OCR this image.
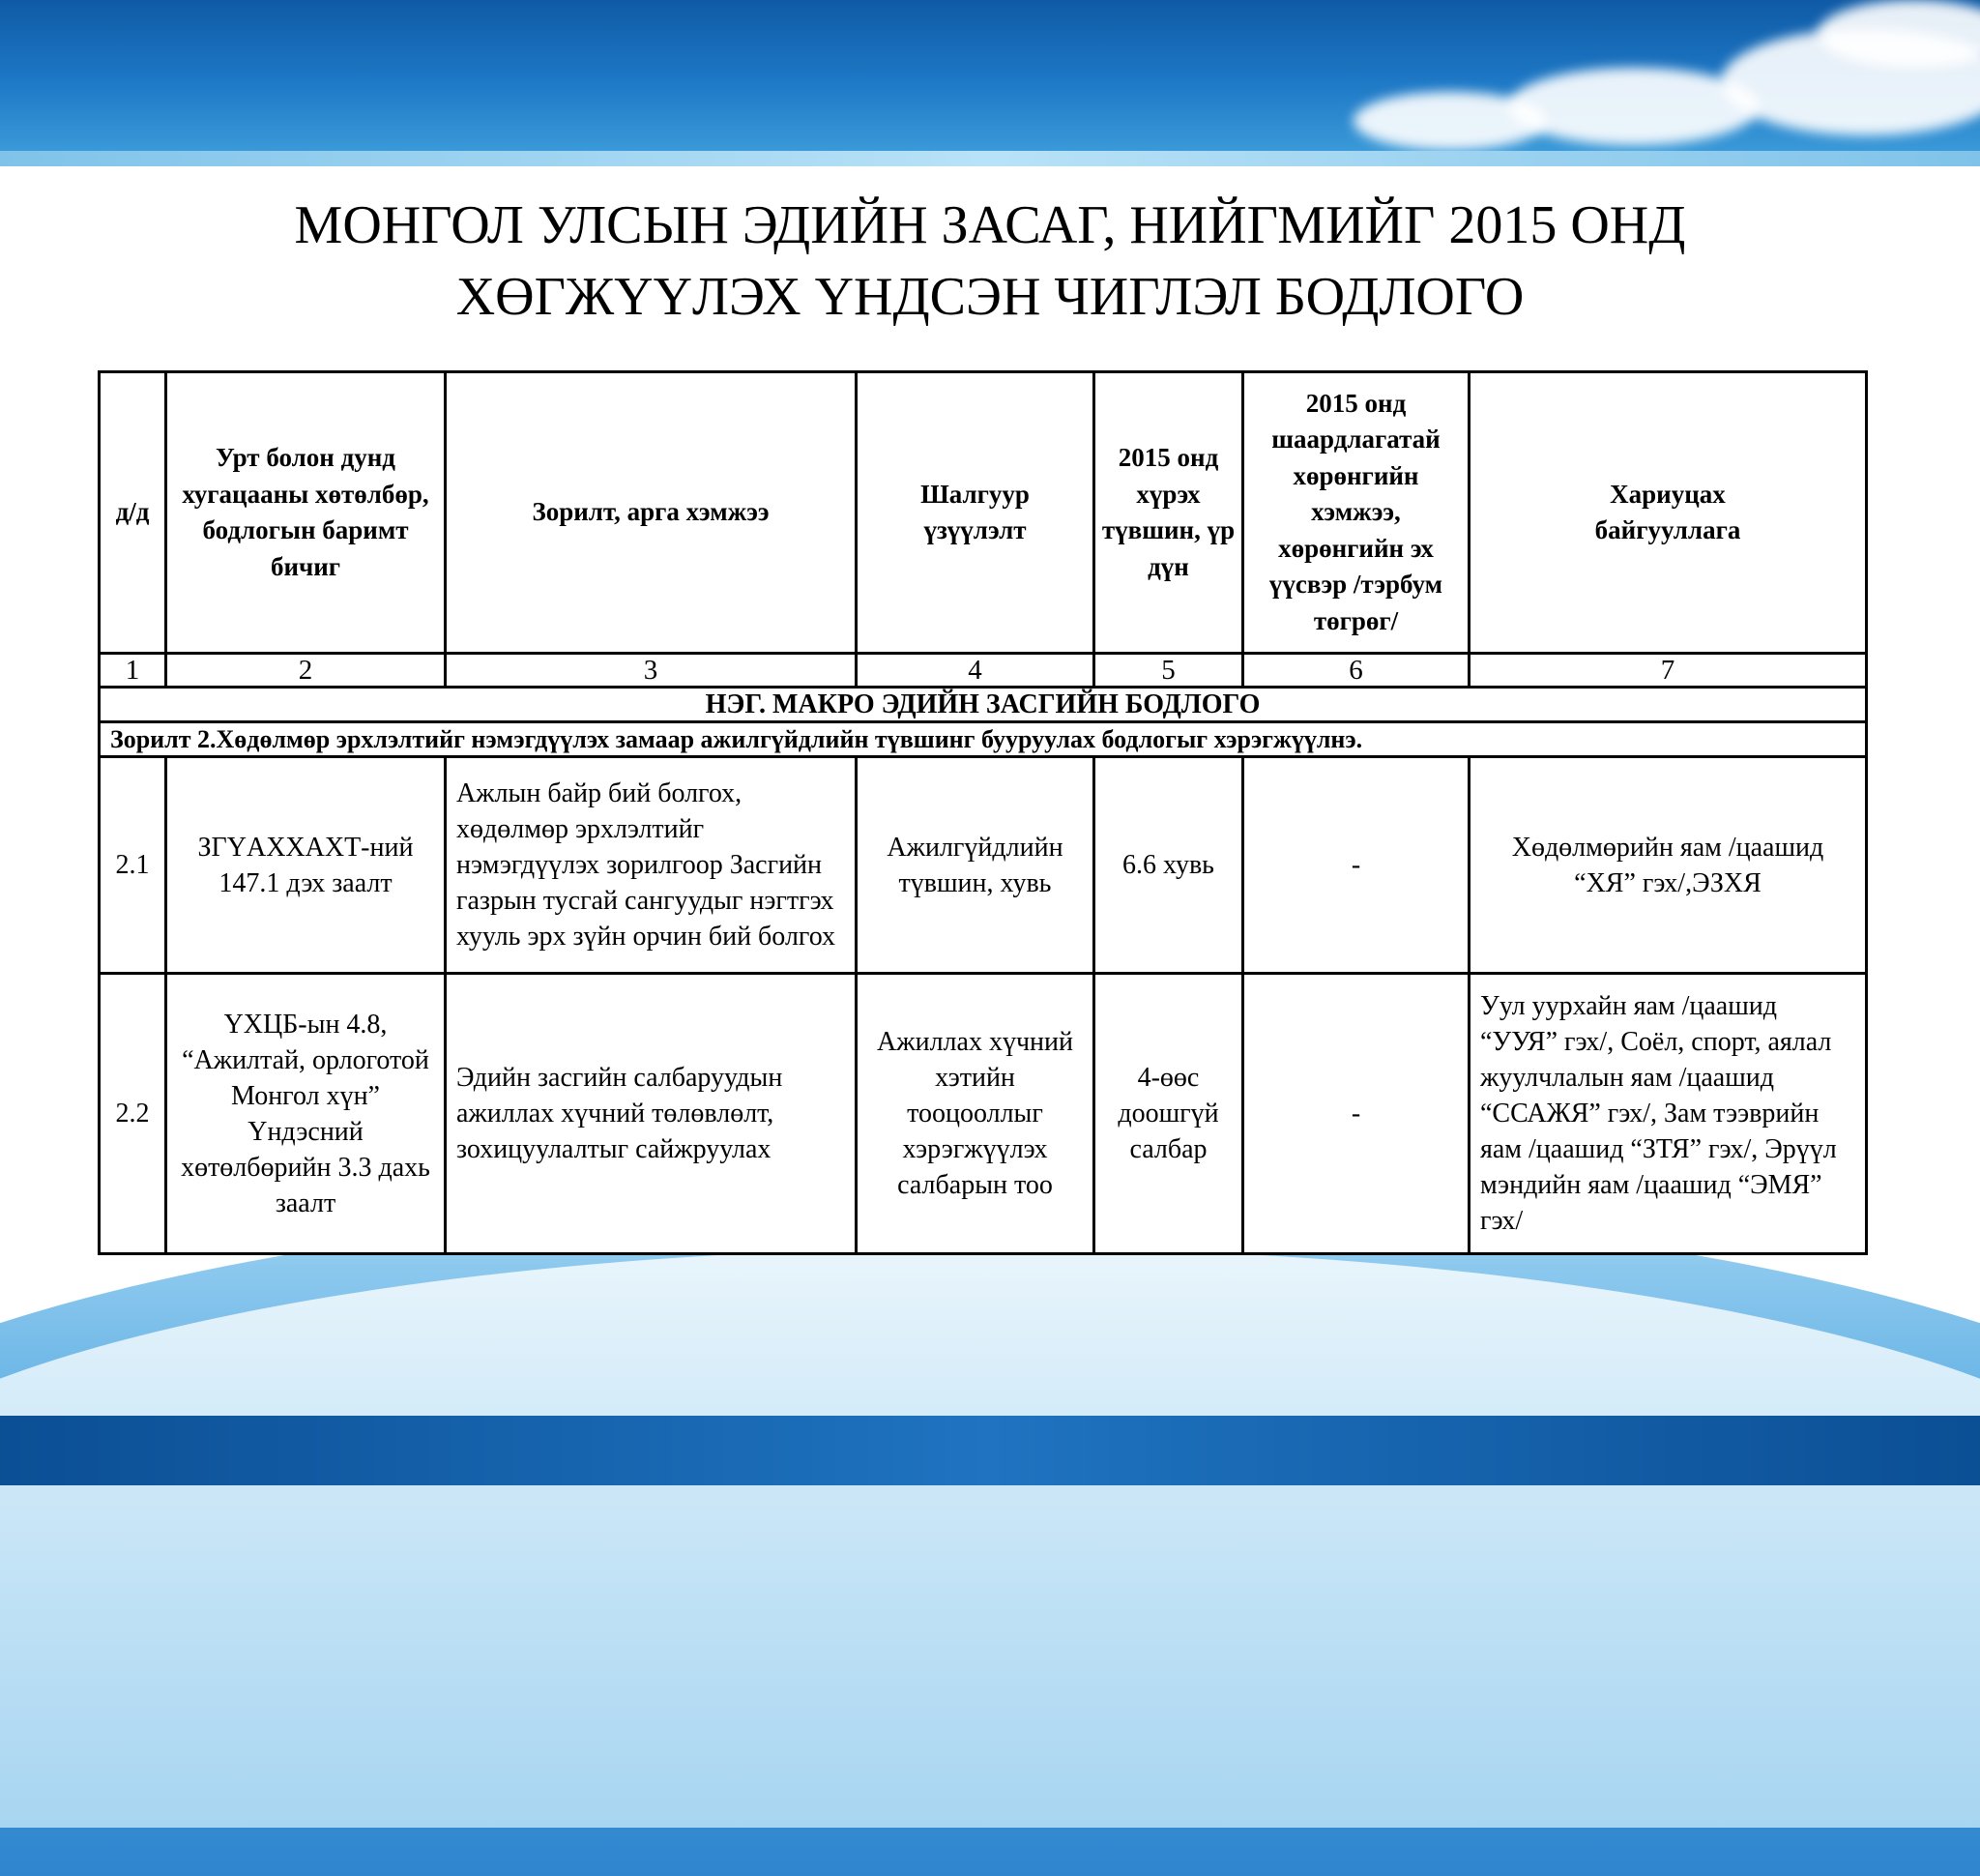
МОНГОЛ УЛСЫН ЭДИЙН ЗАСАГ, НИЙГМИЙГ 2015 ОНД
ХӨГЖҮҮЛЭХ ҮНДСЭН ЧИГЛЭЛ БОДЛОГО
д/д	Урт болон дунд хугацааны хөтөлбөр, бодлогын баримт бичиг	Зорилт, арга хэмжээ	Шалгуур үзүүлэлт	2015 онд хүрэх түвшин, үр дүн	2015 онд шаардлагатай хөрөнгийн хэмжээ, хөрөнгийн эх үүсвэр /тэрбум төгрөг/	Хариуцах байгууллага
1	2	3	4	5	6	7
НЭГ. МАКРО ЭДИЙН ЗАСГИЙН БОДЛОГО						
Зорилт 2.Хөдөлмөр эрхлэлтийг нэмэгдүүлэх замаар ажилгүйдлийн түвшинг бууруулах бодлогыг хэрэгжүүлнэ.						
2.1	ЗГҮАХХАХТ-ний 147.1 дэх заалт	Ажлын байр бий болгох, хөдөлмөр эрхлэлтийг нэмэгдүүлэх зорилгоор Засгийн газрын тусгай сангуудыг нэгтгэх хууль эрх зүйн орчин бий болгох	Ажилгүйдлийн түвшин, хувь	6.6 хувь	-	Хөдөлмөрийн яам /цаашид “ХЯ” гэх/,ЭЗХЯ
2.2	ҮХЦБ-ын 4.8, “Ажилтай, орлоготой Монгол хүн” Үндэсний хөтөлбөрийн 3.3 дахь заалт	Эдийн засгийн салбаруудын ажиллах хүчний төлөвлөлт, зохицуулалтыг сайжруулах	Ажиллах хүчний хэтийн тооцооллыг хэрэгжүүлэх салбарын тоо	4-өөс доошгүй салбар	-	Уул уурхайн яам /цаашид “УУЯ” гэх/, Соёл, спорт, аялал жуулчлалын яам /цаашид “ССАЖЯ” гэх/, Зам тээврийн яам /цаашид “ЗТЯ” гэх/, Эрүүл мэндийн яам /цаашид “ЭМЯ” гэх/
